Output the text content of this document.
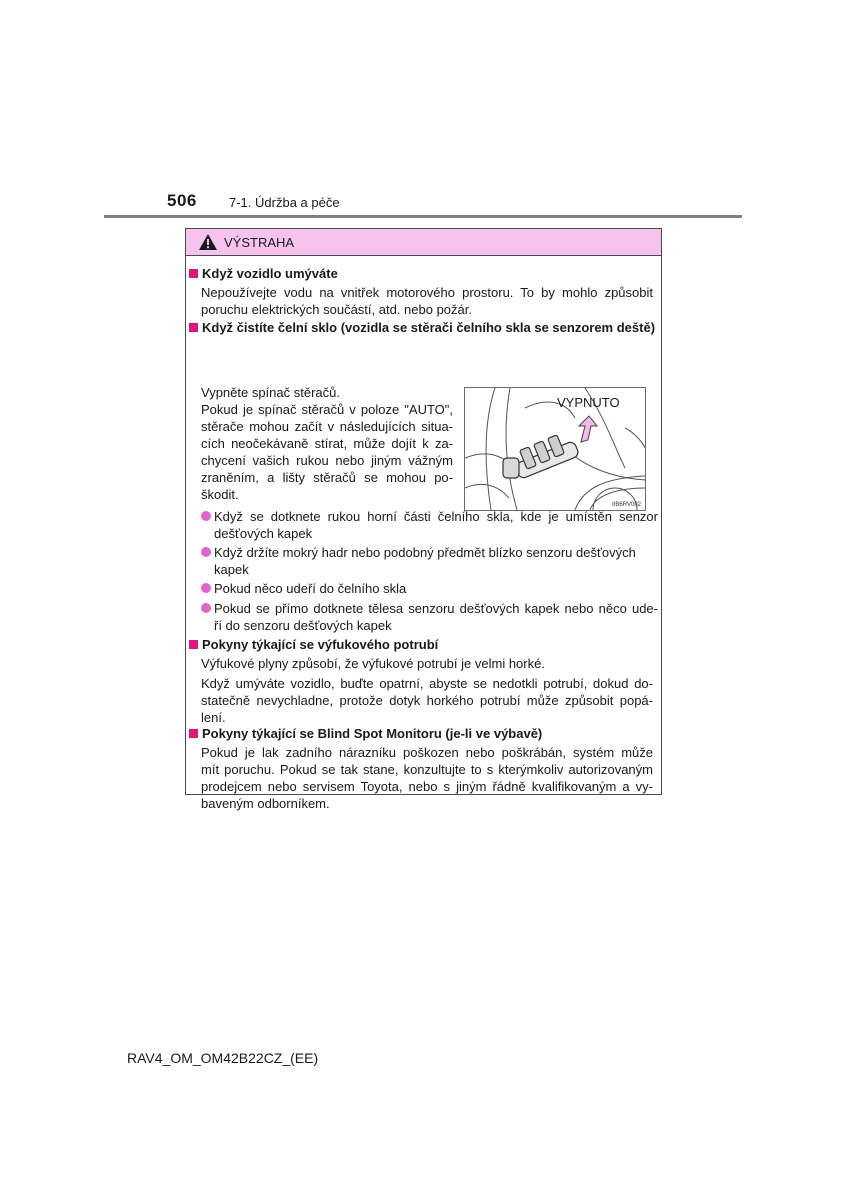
506 7-1. Údržba a péče
VÝSTRAHA
Když vozidlo umýváte
Nepoužívejte vodu na vnitřek motorového prostoru. To by mohlo způsobit
poruchu elektrických součástí, atd. nebo požár.
Když čistíte čelní sklo (vozidla se stěrači čelního skla se senzorem deště)
Vypněte spínač stěračů.
Pokud je spínač stěračů v poloze "AUTO",
stěrače mohou začít v následujících situa-
cích neočekávaně stírat, může dojít k za-
chycení vašich rukou nebo jiným vážným
zraněním, a lišty stěračů se mohou po-
škodit.
VYPNUTO
IIB6RV002
Když se dotknete rukou horní části čelního skla, kde je umístěn senzor
dešťových kapek
Když držíte mokrý hadr nebo podobný předmět blízko senzoru dešťových
kapek
Pokud něco udeří do čelního skla
Pokud se přímo dotknete tělesa senzoru dešťových kapek nebo něco ude-
ří do senzoru dešťových kapek
Pokyny týkající se výfukového potrubí
Výfukové plyny způsobí, že výfukové potrubí je velmi horké.
Když umýváte vozidlo, buďte opatrní, abyste se nedotkli potrubí, dokud do-
statečně nevychladne, protože dotyk horkého potrubí může způsobit popá-
lení.
Pokyny týkající se Blind Spot Monitoru (je-li ve výbavě)
Pokud je lak zadního nárazníku poškozen nebo poškrábán, systém může
mít poruchu. Pokud se tak stane, konzultujte to s kterýmkoliv autorizovaným
prodejcem nebo servisem Toyota, nebo s jiným řádně kvalifikovaným a vy-
baveným odborníkem.
RAV4_OM_OM42B22CZ_(EE)
